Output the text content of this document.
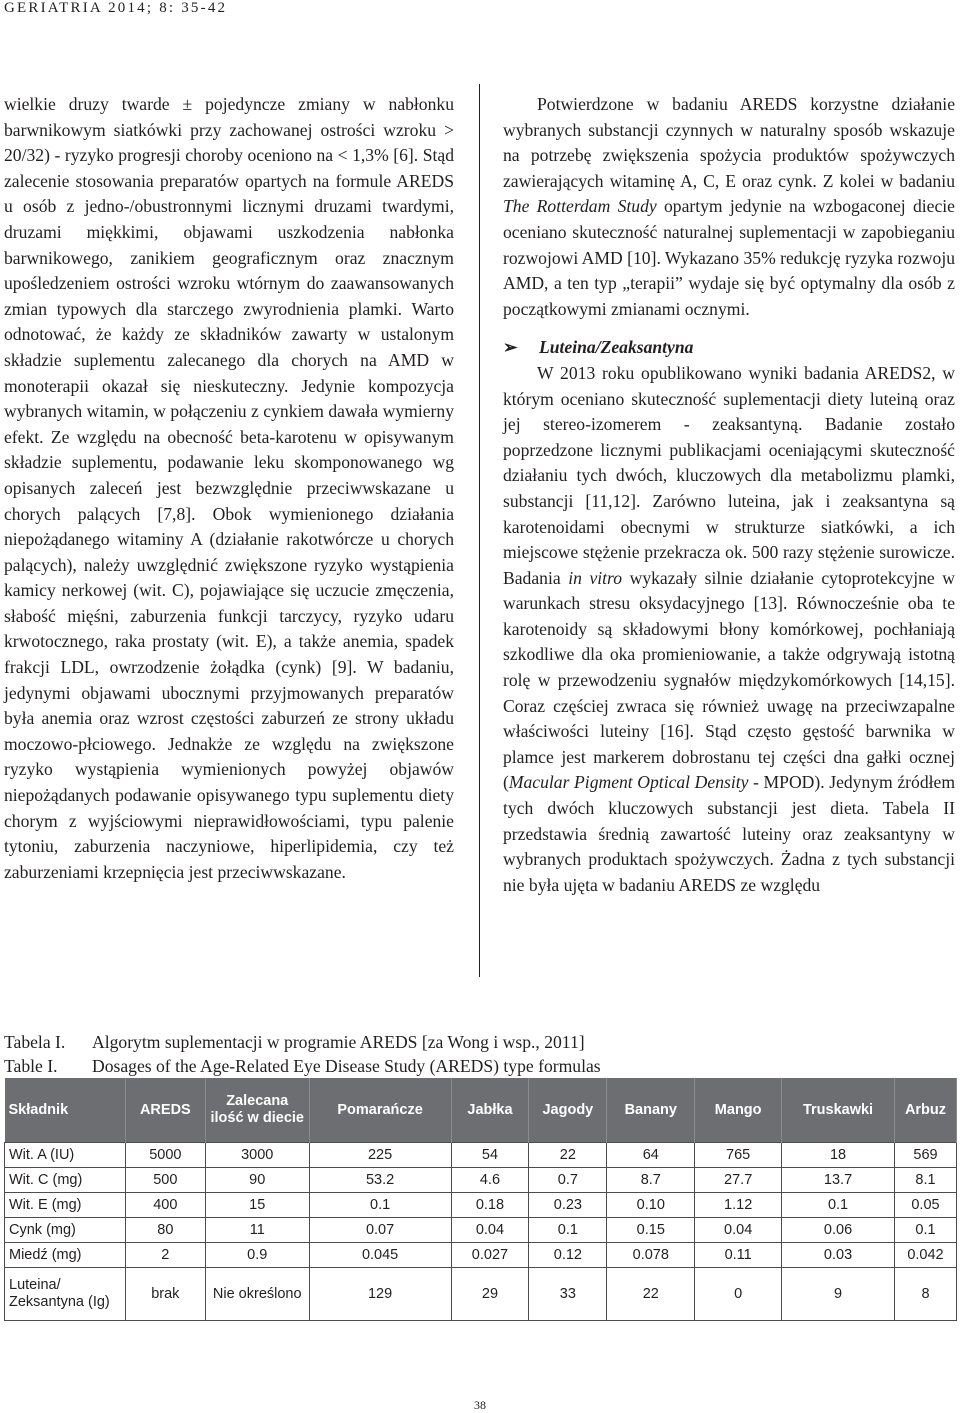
GERIATRIA 2014; 8: 35-42

wielkie druzy twarde ± pojedyncze zmiany w nabłonku barwnikowym siatkówki przy zachowanej ostrości wzroku > 20/32) - ryzyko progresji choroby oceniono na < 1,3% [6]. Stąd zalecenie stosowania preparatów opartych na formule AREDS u osób z jedno-/obustronnymi licznymi druzami twardymi, druzami miękkimi, objawami uszkodzenia nabłonka barwnikowego, zanikiem geograficznym oraz znacznym upośledzeniem ostrości wzroku wtórnym do zaawansowanych zmian typowych dla starczego zwyrodnienia plamki. Warto odnotować, że każdy ze składników zawarty w ustalonym składzie suplementu zalecanego dla chorych na AMD w monoterapii okazał się nieskuteczny. Jedynie kompozycja wybranych witamin, w połączeniu z cynkiem dawała wymierny efekt. Ze względu na obecność beta-karotenu w opisywanym składzie suplementu, podawanie leku skomponowanego wg opisanych zaleceń jest bezwzględnie przeciwwskazane u chorych palących [7,8]. Obok wymienionego działania niepożądanego witaminy A (działanie rakotwórcze u chorych palących), należy uwzględnić zwiększone ryzyko wystąpienia kamicy nerkowej (wit. C), pojawiające się uczucie zmęczenia, słabość mięśni, zaburzenia funkcji tarczycy, ryzyko udaru krwotocznego, raka prostaty (wit. E), a także anemia, spadek frakcji LDL, owrzodzenie żołądka (cynk) [9]. W badaniu, jedynymi objawami ubocznymi przyjmowanych preparatów była anemia oraz wzrost częstości zaburzeń ze strony układu moczowo-płciowego. Jednakże ze względu na zwiększone ryzyko wystąpienia wymienionych powyżej objawów niepożądanych podawanie opisywanego typu suplementu diety chorym z wyjściowymi nieprawidłowościami, typu palenie tytoniu, zaburzenia naczyniowe, hiperlipidemia, czy też zaburzeniami krzepnięcia jest przeciwwskazane.

Potwierdzone w badaniu AREDS korzystne działanie wybranych substancji czynnych w naturalny sposób wskazuje na potrzebę zwiększenia spożycia produktów spożywczych zawierających witaminę A, C, E oraz cynk. Z kolei w badaniu The Rotterdam Study opartym jedynie na wzbogaconej diecie oceniano skuteczność naturalnej suplementacji w zapobieganiu rozwojowi AMD [10]. Wykazano 35% redukcję ryzyka rozwoju AMD, a ten typ „terapii” wydaje się być optymalny dla osób z początkowymi zmianami ocznymi.

➢ Luteina/Zeaksantyna

W 2013 roku opublikowano wyniki badania AREDS2, w którym oceniano skuteczność suplementacji diety luteiną oraz jej stereo-izomerem - zeaksantyną. Badanie zostało poprzedzone licznymi publikacjami oceniającymi skuteczność działaniu tych dwóch, kluczowych dla metabolizmu plamki, substancji [11,12]. Zarówno luteina, jak i zeaksantyna są karotenoidami obecnymi w strukturze siatkówki, a ich miejscowe stężenie przekracza ok. 500 razy stężenie surowicze. Badania in vitro wykazały silnie działanie cytoprotekcyjne w warunkach stresu oksydacyjnego [13]. Równocześnie oba te karotenoidy są składowymi błony komórkowej, pochłaniają szkodliwe dla oka promieniowanie, a także odgrywają istotną rolę w przewodzeniu sygnałów międzykomórkowych [14,15]. Coraz częściej zwraca się również uwagę na przeciwzapalne właściwości luteiny [16]. Stąd często gęstość barwnika w plamce jest markerem dobrostanu tej części dna gałki ocznej (Macular Pigment Optical Density - MPOD). Jedynym źródłem tych dwóch kluczowych substancji jest dieta. Tabela II przedstawia średnią zawartość luteiny oraz zeaksantyny w wybranych produktach spożywczych. Żadna z tych substancji nie była ujęta w badaniu AREDS ze względu

Tabela I. Algorytm suplementacji w programie AREDS [za Wong i wsp., 2011]
Table I. Dosages of the Age-Related Eye Disease Study (AREDS) type formulas
Składnik	AREDS	Zalecana ilość w diecie	Pomarańcze	Jabłka	Jagody	Banany	Mango	Truskawki	Arbuz
Wit. A (IU)	5000	3000	225	54	22	64	765	18	569
Wit. C (mg)	500	90	53.2	4.6	0.7	8.7	27.7	13.7	8.1
Wit. E (mg)	400	15	0.1	0.18	0.23	0.10	1.12	0.1	0.05
Cynk (mg)	80	11	0.07	0.04	0.1	0.15	0.04	0.06	0.1
Miedź (mg)	2	0.9	0.045	0.027	0.12	0.078	0.11	0.03	0.042
Luteina/ Zeksantyna (Ig)	brak	Nie określono	129	29	33	22	0	9	8
38
